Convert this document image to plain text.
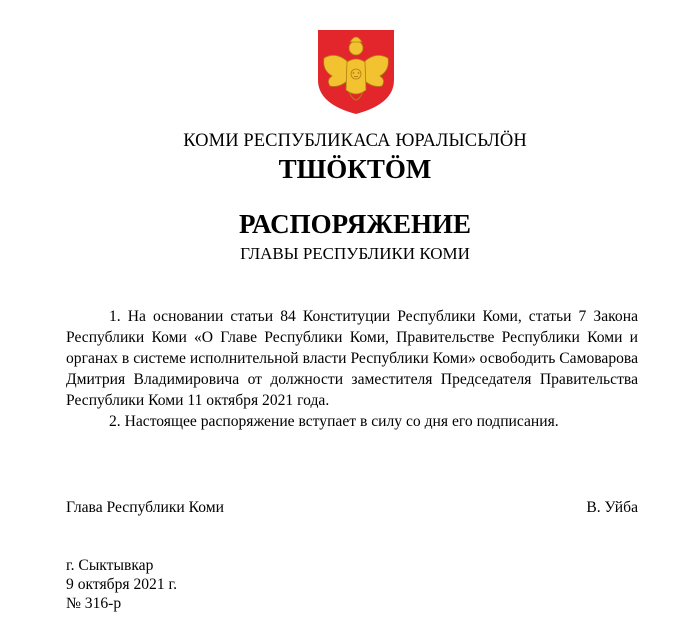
КОМИ РЕСПУБЛИКАСА ЮРАЛЫСЬЛӦН
ТШӦКТӦМ
РАСПОРЯЖЕНИЕ
ГЛАВЫ РЕСПУБЛИКИ КОМИ

1. На основании статьи 84 Конституции Республики Коми, статьи 7 Закона Республики Коми «О Главе Республики Коми, Правительстве Республики Коми и органах в системе исполнительной власти Республики Коми» освободить Самоварова Дмитрия Владимировича от должности заместителя Председателя Правительства Республики Коми 11 октября 2021 года.

2. Настоящее распоряжение вступает в силу со дня его подписания.

Глава Республики Коми	В. Уйба
г. Сыктывкар
9 октября 2021 г.
№ 316-р
